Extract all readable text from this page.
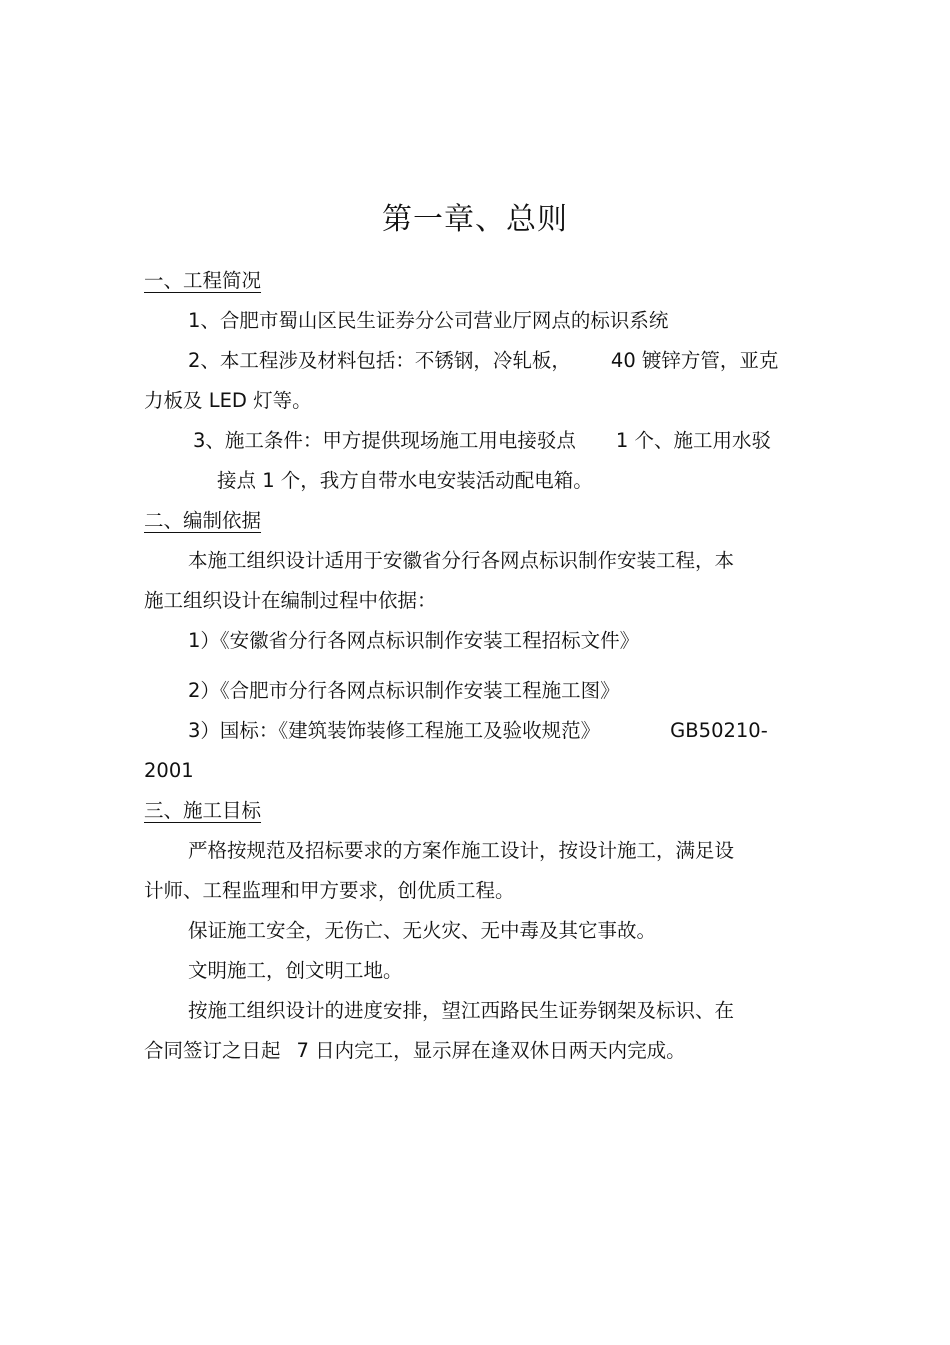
第一章、总则
一、工程简况
1、合肥市蜀山区民生证券分公司营业厅网点的标识系统
2、本工程涉及材料包括：不锈钢，冷轧板， 40 镀锌方管，亚克
力板及 LED 灯等。
3、施工条件：甲方提供现场施工用电接驳点 1 个、施工用水驳
接点 1 个，我方自带水电安装活动配电箱。
二、编制依据
本施工组织设计适用于安徽省分行各网点标识制作安装工程，本
施工组织设计在编制过程中依据：
1）《安徽省分行各网点标识制作安装工程招标文件》
2）《合肥市分行各网点标识制作安装工程施工图》
3）国标：《建筑装饰装修工程施工及验收规范》	GB50210-
2001
三、施工目标
严格按规范及招标要求的方案作施工设计，按设计施工，满足设
计师、工程监理和甲方要求，创优质工程。
保证施工安全，无伤亡、无火灾、无中毒及其它事故。
文明施工，创文明工地。
按施工组织设计的进度安排，望江西路民生证券钢架及标识、在
合同签订之日起 7 日内完工，显示屏在逢双休日两天内完成。
